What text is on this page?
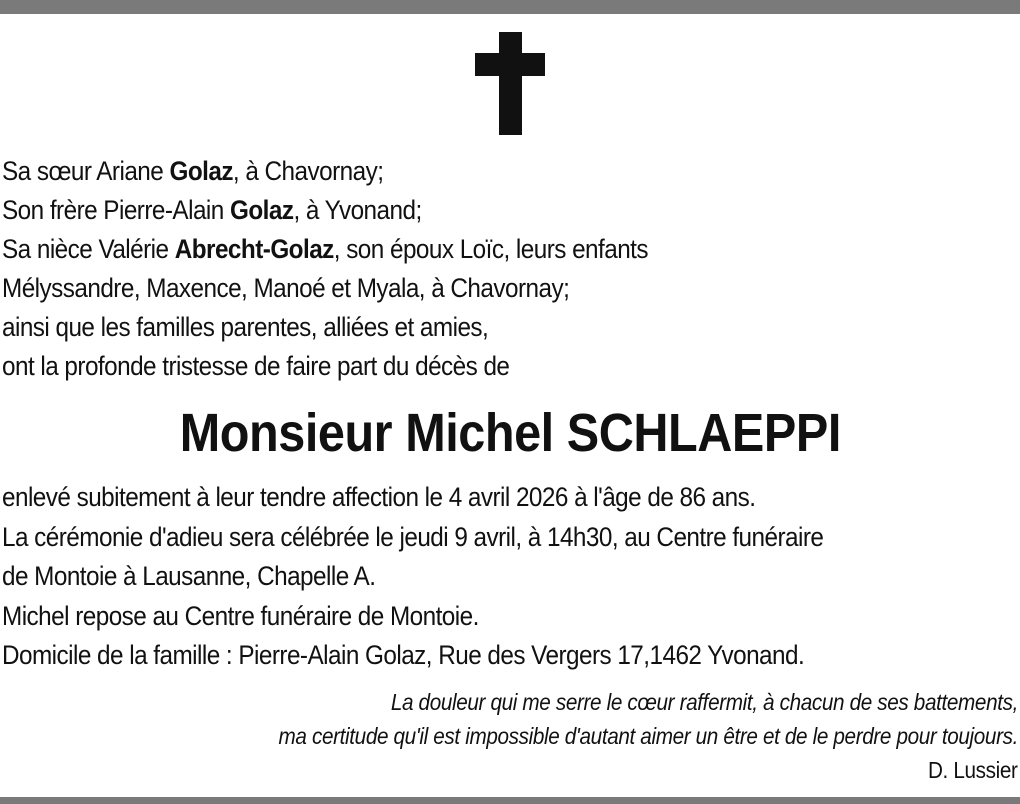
Sa sœur Ariane Golaz, à Chavornay;
Son frère Pierre-Alain Golaz, à Yvonand;
Sa nièce Valérie Abrecht-Golaz, son époux Loïc, leurs enfants
Mélyssandre, Maxence, Manoé et Myala, à Chavornay;
ainsi que les familles parentes, alliées et amies,
ont la profonde tristesse de faire part du décès de
Monsieur Michel SCHLAEPPI
enlevé subitement à leur tendre affection le 4 avril 2026 à l'âge de 86 ans.
La cérémonie d'adieu sera célébrée le jeudi 9 avril, à 14h30, au Centre funéraire
de Montoie à Lausanne, Chapelle A.
Michel repose au Centre funéraire de Montoie.
Domicile de la famille : Pierre-Alain Golaz, Rue des Vergers 17,1462 Yvonand.
La douleur qui me serre le cœur raffermit, à chacun de ses battements,
ma certitude qu'il est impossible d'autant aimer un être et de le perdre pour toujours.
D. Lussier
